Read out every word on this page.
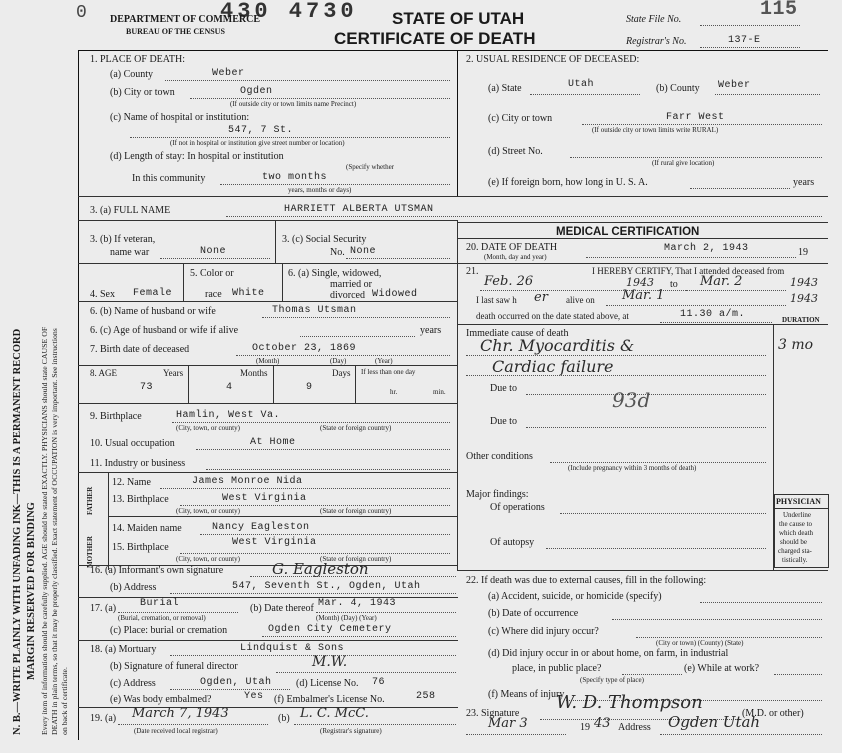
N. B.—WRITE PLAINLY WITH UNFADING INK—THIS IS A PERMANENT RECORD MARGIN RESERVED FOR BINDING Every item of information should be carefully supplied. AGE should be stated EXACTLY. PHYSICIANS should state CAUSE OF DEATH in plain terms, so that it may be properly classified. Exact statement of OCCUPATION is very important. See instructions on back of certificate.
0	430 4730
DEPARTMENT OF COMMERCE
BUREAU OF THE CENSUS
STATE OF UTAH
CERTIFICATE OF DEATH
State File No.	115
Registrar's No.	137-E
1. PLACE OF DEATH:
(a) County	Weber
(b) City or town	Ogden
(If outside city or town limits name Precinct)
(c) Name of hospital or institution:
547, 7 St.
(If not in hospital or institution give street number or location)
(d) Length of stay: In hospital or institution
(Specify whether
In this community	two months
years, months or days)
2. USUAL RESIDENCE OF DECEASED:
(a) State	Utah	(b) County Weber
(c) City or town	Farr West
(If outside city or town limits write RURAL)
(d) Street No.
(If rural give location)
(e) If foreign born, how long in U. S. A.	years
3. (a) FULL NAME	HARRIETT ALBERTA UTSMAN
MEDICAL CERTIFICATION
3. (b) If veteran,
name war	None
3. (c) Social Security
No. None
4. Sex Female
5. Color or
race White
6. (a) Single, widowed,
married or
divorced Widowed
6. (b) Name of husband or wife	Thomas Utsman
6. (c) Age of husband or wife if alive	years
7. Birth date of deceased	October 23, 1869
(Month)	(Day)	(Year)
8. AGE	Years
73
Months
4
Days
9
If less than one day
hr.	min.
9. Birthplace	Hamlin, West Va.
(City, town, or county)	(State or foreign country)
10. Usual occupation	At Home
11. Industry or business
FATHER
MOTHER
12. Name	James Monroe Nida
13. Birthplace	West Virginia
(City, town, or county)	(State or foreign country)
14. Maiden name	Nancy Eagleston
15. Birthplace	West Virginia
(City, town, or county)	(State or foreign country)
16. (a) Informant's own signature	G. Eagleston
(b) Address	547, Seventh St., Ogden, Utah
17. (a) Burial
(Burial, cremation, or removal)
(b) Date thereof Mar. 4, 1943
(Month) (Day) (Year)
(c) Place: burial or cremation	Ogden City Cemetery
18. (a) Mortuary	Lindquist & Sons
(b) Signature of funeral director	M.W.
(c) Address	Ogden, Utah (d) License No. 76
(e) Was body embalmed?	Yes (f) Embalmer's License No.	258
19. (a) March 7, 1943
(Date received local registrar)
(b) L. C. McC.
(Registrar's signature)
20. DATE OF DEATH
(Month, day and year)
March 2, 1943	19
21.	I HEREBY CERTIFY, That I attended deceased from
Feb. 26	1943 to Mar. 2	1943
I last saw h er alive on Mar. 1	1943
death occurred on the date stated above, at	11.30 a/m.	DURATION
Immediate cause of death
Chr. Myocarditis &	3 mo
Cardiac failure
Due to	93d
Due to
Other conditions
(Include pregnancy within 3 months of death)
Major findings:
Of operations
Of autopsy
PHYSICIAN
Underline
the cause to
which death
should be
charged sta-
tistically.
22. If death was due to external causes, fill in the following:
(a) Accident, suicide, or homicide (specify)
(b) Date of occurrence
(c) Where did injury occur?
(City or town) (County) (State)
(d) Did injury occur in or about home, on farm, in industrial
place, in public place?	(e) While at work?
(Specify type of place)
(f) Means of injury
23. Signature
W. D. Thompson
(M.D. or other)
Mar 3	19 43 Address Ogden Utah
